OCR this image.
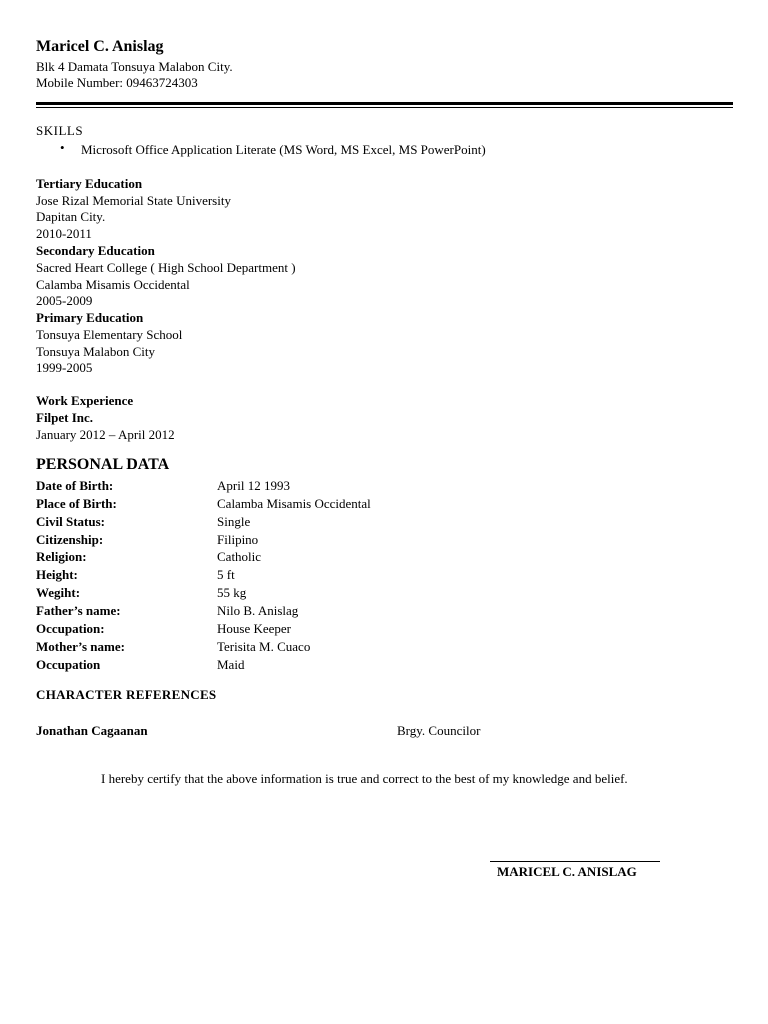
Maricel C. Anislag
Blk 4 Damata Tonsuya Malabon City.
Mobile Number: 09463724303
SKILLS
• Microsoft Office Application Literate (MS Word, MS Excel, MS PowerPoint)
Tertiary Education
Jose Rizal Memorial State University
Dapitan City.
2010-2011
Secondary Education
Sacred Heart College ( High School Department )
Calamba Misamis Occidental
2005-2009
Primary Education
Tonsuya Elementary School
Tonsuya Malabon City
1999-2005
Work Experience
Filpet Inc.
January 2012 – April 2012
PERSONAL DATA
Date of Birth:	April 12 1993
Place of Birth:	Calamba Misamis Occidental
Civil Status:	Single
Citizenship:	Filipino
Religion:	Catholic
Height:	5 ft
Wegiht:	55 kg
Father’s name:	Nilo B. Anislag
Occupation:	House Keeper
Mother’s name:	Terisita M. Cuaco
Occupation	Maid
CHARACTER REFERENCES
Jonathan Cagaanan	Brgy. Councilor
I hereby certify that the above information is true and correct to the best of my knowledge and belief.
MARICEL C. ANISLAG
